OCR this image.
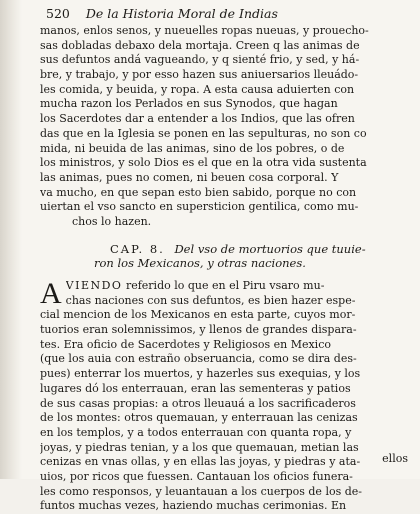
520 De la Historia Moral de Indias
manos, enlos senos, y nueuelles ropas nueuas, y prouecho-
sas dobladas debaxo dela mortaja. Creen q las animas de
sus defuntos andá vagueando, y q sienté frio, y sed, y há-
bre, y trabajo, y por esso hazen sus aniuersarios lleuádo-
les comida, y beuida, y ropa. A esta causa aduierten con
mucha razon los Perlados en sus Synodos, que hagan
los Sacerdotes dar a entender a los Indios, que las ofren
das que en la Iglesia se ponen en las sepulturas, no son co
mida, ni beuida de las animas, sino de los pobres, o de
los ministros, y solo Dios es el que en la otra vida sustenta
las animas, pues no comen, ni beuen cosa corporal. Y
va mucho, en que sepan esto bien sabido, porque no con
uiertan el vso sancto en supersticion gentilica, como mu-
chos lo hazen.
CAP. 8. Del vso de mortuorios que tuuie-
ron los Mexicanos, y otras naciones.
A VIENDO referido lo que en el Piru vsaro mu-
chas naciones con sus defuntos, es bien hazer espe-
cial mencion de los Mexicanos en esta parte, cuyos mor-
tuorios eran solemnissimos, y llenos de grandes dispara-
tes. Era oficio de Sacerdotes y Religiosos en Mexico
(que los auia con estraño obseruancia, como se dira des-
pues) enterrar los muertos, y hazerles sus exequias, y los
lugares dó los enterrauan, eran las sementeras y patios
de sus casas propias: a otros lleuauá a los sacrificaderos
de los montes: otros quemauan, y enterrauan las cenizas
en los templos, y a todos enterrauan con quanta ropa, y
joyas, y piedras tenian, y a los que quemauan, metian las
cenizas en vnas ollas, y en ellas las joyas, y piedras y ata-
uios, por ricos que fuessen. Cantauan los oficios funera-
les como responsos, y leuantauan a los cuerpos de los de-
funtos muchas vezes, haziendo muchas cerimonias. En
ellos
